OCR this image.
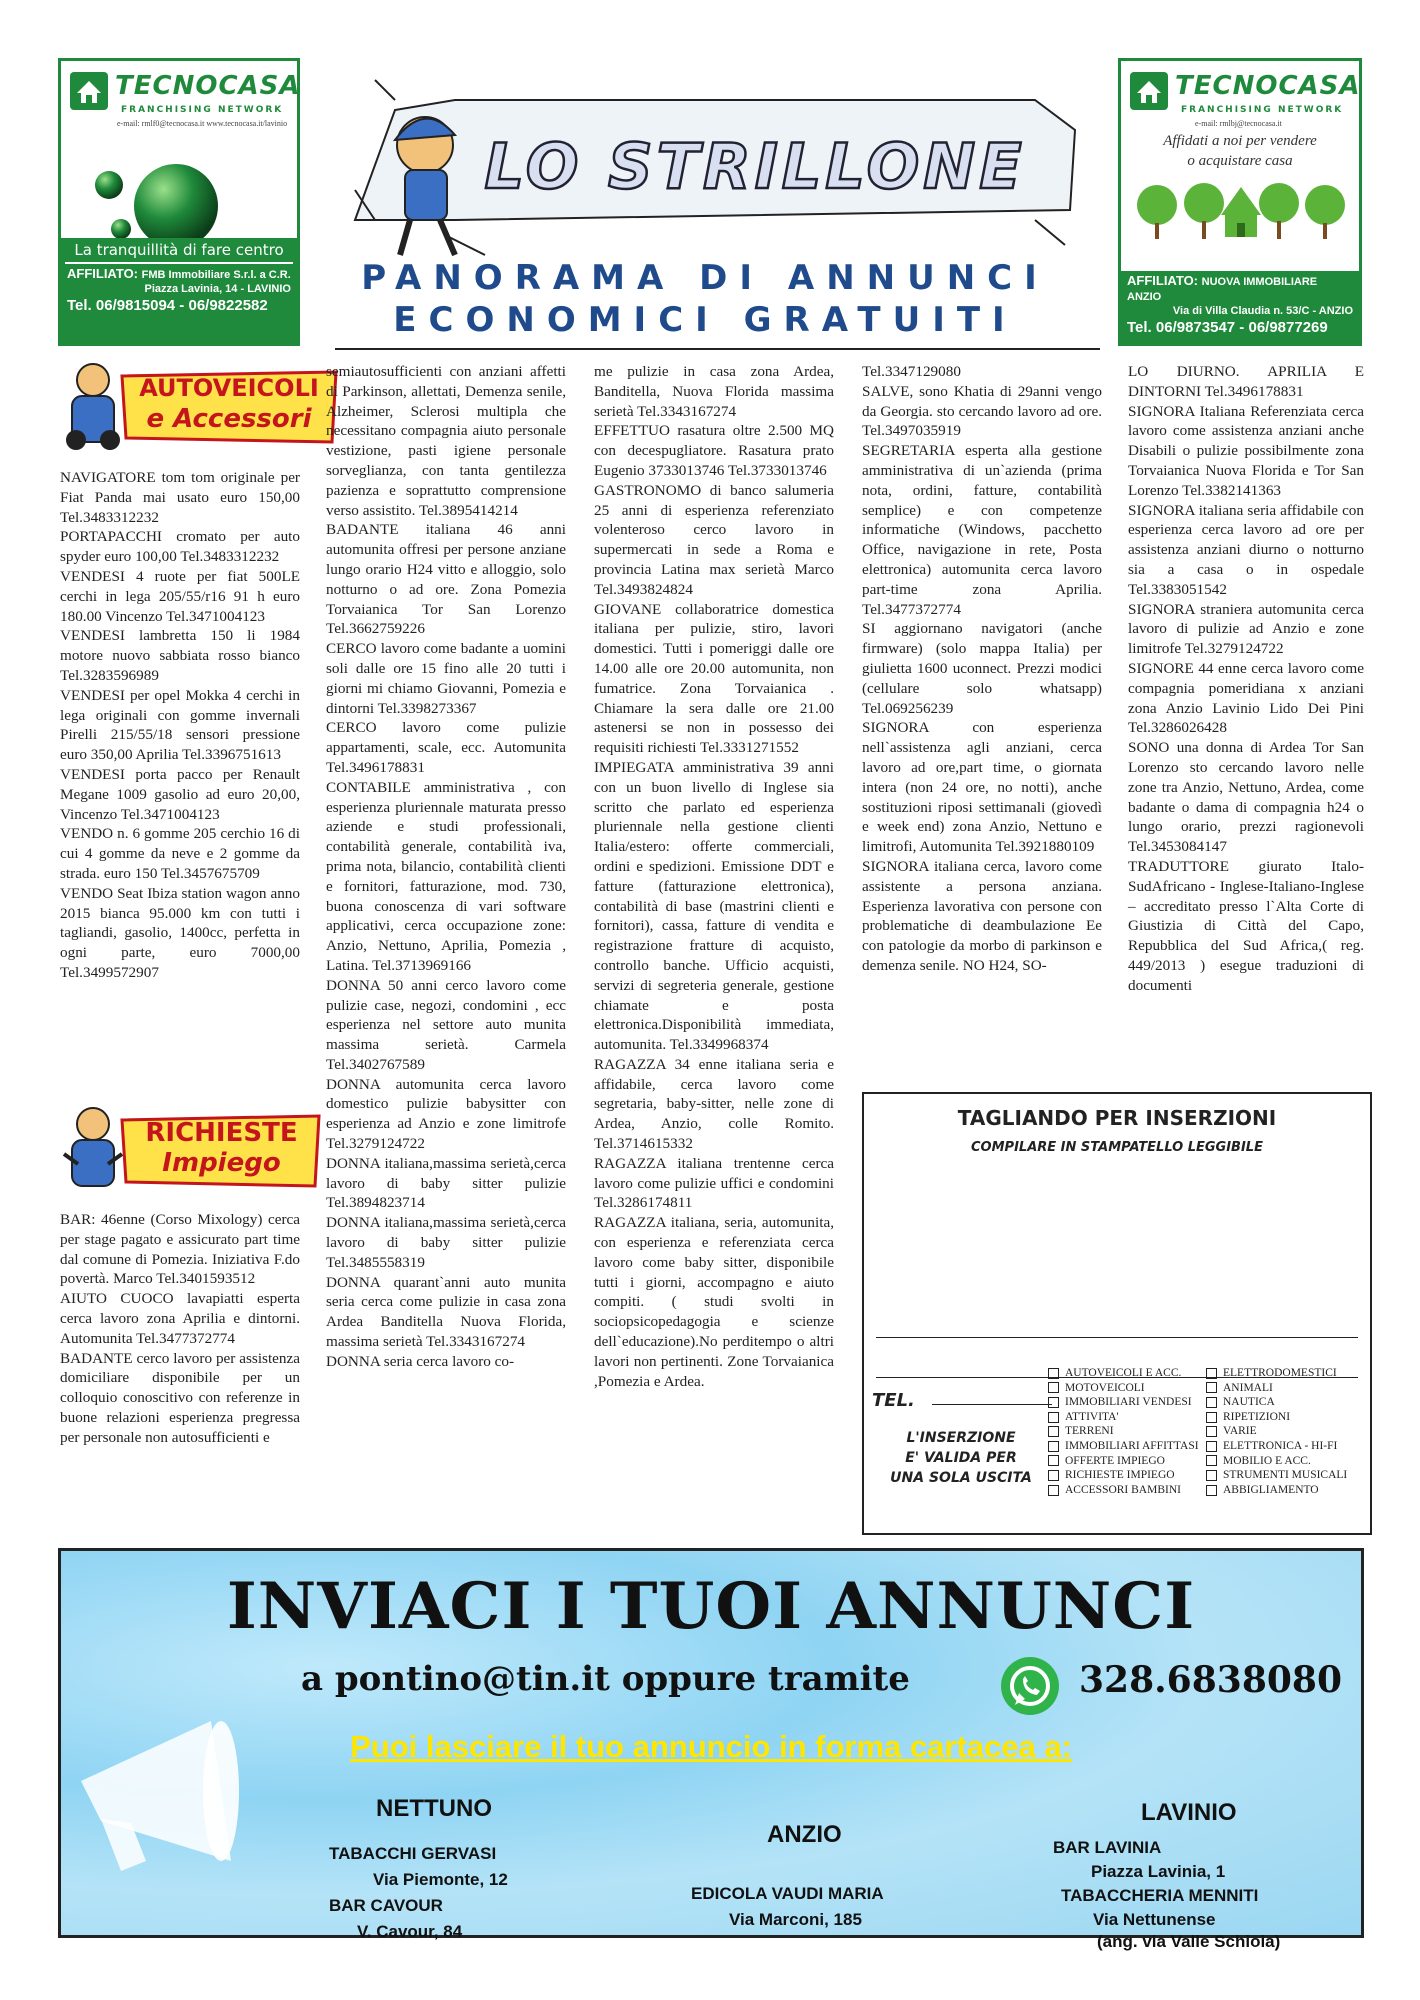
TECNOCASA
FRANCHISING NETWORK
e-mail: rmlf0@tecnocasa.it www.tecnocasa.it/lavinio
La tranquillità di fare centro
AFFILIATO: FMB Immobiliare S.r.l. a C.R.
Piazza Lavinia, 14 - LAVINIO
Tel. 06/9815094 - 06/9822582
TECNOCASA
FRANCHISING NETWORK
e-mail: rmlbj@tecnocasa.it
Affidati a noi per vendere
o acquistare casa
AFFILIATO: NUOVA IMMOBILIARE ANZIO
Via di Villa Claudia n. 53/C - ANZIO
Tel. 06/9873547 - 06/9877269
LO STRILLONE
PANORAMA DI ANNUNCI
ECONOMICI GRATUITI
AUTOVEICOLI
e Accessori
RICHIESTE
Impiego

NAVIGATORE tom tom originale per Fiat Panda mai usato euro 150,00 Tel.3483312232

PORTAPACCHI cromato per auto spyder euro 100,00 Tel.3483312232

VENDESI 4 ruote per fiat 500LE cerchi in lega 205/55/r16 91 h euro 180.00 Vincenzo Tel.3471004123

VENDESI lambretta 150 li 1984 motore nuovo sabbiata rosso bianco Tel.3283596989

VENDESI per opel Mokka 4 cerchi in lega originali con gomme invernali Pirelli 215/55/18 sensori pressione euro 350,00 Aprilia Tel.3396751613

VENDESI porta pacco per Renault Megane 1009 gasolio ad euro 20,00, Vincenzo Tel.3471004123

VENDO n. 6 gomme 205 cerchio 16 di cui 4 gomme da neve e 2 gomme da strada. euro 150 Tel.3457675709

VENDO Seat Ibiza station wagon anno 2015 bianca 95.000 km con tutti i tagliandi, gasolio, 1400cc, perfetta in ogni parte, euro 7000,00 Tel.3499572907

BAR: 46enne (Corso Mixology) cerca per stage pagato e assicurato part time dal comune di Pomezia. Iniziativa F.do povertà. Marco Tel.3401593512

AIUTO CUOCO lavapiatti esperta cerca lavoro zona Aprilia e dintorni. Automunita Tel.3477372774

BADANTE cerco lavoro per assistenza domiciliare disponibile per un colloquio conoscitivo con referenze in buone relazioni esperienza pregressa per personale non autosufficienti e

semiautosufficienti con anziani affetti di Parkinson, allettati, Demenza senile, Alzheimer, Sclerosi multipla che necessitano compagnia aiuto personale vestizione, pasti igiene personale sorveglianza, con tanta gentilezza pazienza e soprattutto comprensione verso assistito. Tel.3895414214

BADANTE italiana 46 anni automunita offresi per persone anziane lungo orario H24 vitto e alloggio, solo notturno o ad ore. Zona Pomezia Torvaianica Tor San Lorenzo Tel.3662759226

CERCO lavoro come badante a uomini soli dalle ore 15 fino alle 20 tutti i giorni mi chiamo Giovanni, Pomezia e dintorni Tel.3398273367

CERCO lavoro come pulizie appartamenti, scale, ecc. Automunita Tel.3496178831

CONTABILE amministrativa , con esperienza pluriennale maturata presso aziende e studi professionali, contabilità generale, contabilità iva, prima nota, bilancio, contabilità clienti e fornitori, fatturazione, mod. 730, buona conoscenza di vari software applicativi, cerca occupazione zone: Anzio, Nettuno, Aprilia, Pomezia , Latina. Tel.3713969166

DONNA 50 anni cerco lavoro come pulizie case, negozi, condomini , ecc esperienza nel settore auto munita massima serietà. Carmela Tel.3402767589

DONNA automunita cerca lavoro domestico pulizie babysitter con esperienza ad Anzio e zone limitrofe Tel.3279124722

DONNA italiana,massima serietà,cerca lavoro di baby sitter pulizie Tel.3894823714

DONNA italiana,massima serietà,cerca lavoro di baby sitter pulizie Tel.3485558319

DONNA quarant`anni auto munita seria cerca come pulizie in casa zona Ardea Banditella Nuova Florida, massima serietà Tel.3343167274

DONNA seria cerca lavoro co-

me pulizie in casa zona Ardea, Banditella, Nuova Florida massima serietà Tel.3343167274

EFFETTUO rasatura oltre 2.500 MQ con decespugliatore. Rasatura prato Eugenio 3733013746 Tel.3733013746

GASTRONOMO di banco salumeria 25 anni di esperienza referenziato volenteroso cerco lavoro in supermercati in sede a Roma e provincia Latina max serietà Marco Tel.3493824824

GIOVANE collaboratrice domestica italiana per pulizie, stiro, lavori domestici. Tutti i pomeriggi dalle ore 14.00 alle ore 20.00 automunita, non fumatrice. Zona Torvaianica . Chiamare la sera dalle ore 21.00 astenersi se non in possesso dei requisiti richiesti Tel.3331271552

IMPIEGATA amministrativa 39 anni con un buon livello di Inglese sia scritto che parlato ed esperienza pluriennale nella gestione clienti Italia/estero: offerte commerciali, ordini e spedizioni. Emissione DDT e fatture (fatturazione elettronica), contabilità di base (mastrini clienti e fornitori), cassa, fatture di vendita e registrazione fratture di acquisto, controllo banche. Ufficio acquisti, servizi di segreteria generale, gestione chiamate e posta elettronica.Disponibilità immediata, automunita. Tel.3349968374

RAGAZZA 34 enne italiana seria e affidabile, cerca lavoro come segretaria, baby-sitter, nelle zone di Ardea, Anzio, colle Romito. Tel.3714615332

RAGAZZA italiana trentenne cerca lavoro come pulizie uffici e condomini Tel.3286174811

RAGAZZA italiana, seria, automunita, con esperienza e referenziata cerca lavoro come baby sitter, disponibile tutti i giorni, accompagno e aiuto compiti. ( studi svolti in sociopsicopedagogia e scienze dell`educazione).No perditempo o altri lavori non pertinenti. Zone Torvaianica ,Pomezia e Ardea.

Tel.3347129080

SALVE, sono Khatia di 29anni vengo da Georgia. sto cercando lavoro ad ore. Tel.3497035919

SEGRETARIA esperta alla gestione amministrativa di un`azienda (prima nota, ordini, fatture, contabilità semplice) e con competenze informatiche (Windows, pacchetto Office, navigazione in rete, Posta elettronica) automunita cerca lavoro part-time zona Aprilia. Tel.3477372774

SI aggiornano navigatori (anche firmware) (solo mappa Italia) per giulietta 1600 uconnect. Prezzi modici (cellulare solo whatsapp) Tel.069256239

SIGNORA con esperienza nell`assistenza agli anziani, cerca lavoro ad ore,part time, o giornata intera (non 24 ore, no notti), anche sostituzioni riposi settimanali (giovedì e week end) zona Anzio, Nettuno e limitrofi, Automunita Tel.3921880109

SIGNORA italiana cerca, lavoro come assistente a persona anziana. Esperienza lavorativa con persone con problematiche di deambulazione Ee con patologie da morbo di parkinson e demenza senile. NO H24, SO-

LO DIURNO. APRILIA E DINTORNI Tel.3496178831

SIGNORA Italiana Referenziata cerca lavoro come assistenza anziani anche Disabili o pulizie possibilmente zona Torvaianica Nuova Florida e Tor San Lorenzo Tel.3382141363

SIGNORA italiana seria affidabile con esperienza cerca lavoro ad ore per assistenza anziani diurno o notturno sia a casa o in ospedale Tel.3383051542

SIGNORA straniera automunita cerca lavoro di pulizie ad Anzio e zone limitrofe Tel.3279124722

SIGNORE 44 enne cerca lavoro come compagnia pomeridiana x anziani zona Anzio Lavinio Lido Dei Pini Tel.3286026428

SONO una donna di Ardea Tor San Lorenzo sto cercando lavoro nelle zone tra Anzio, Nettuno, Ardea, come badante o dama di compagnia h24 o lungo orario, prezzi ragionevoli Tel.3453084147

TRADUTTORE giurato Italo-SudAfricano - Inglese-Italiano-Inglese – accreditato presso l`Alta Corte di Giustizia di Città del Capo, Repubblica del Sud Africa,( reg. 449/2013 ) esegue traduzioni di documenti

TAGLIANDO PER INSERZIONI
COMPILARE IN STAMPATELLO LEGGIBILE
TEL.
L'INSERZIONE
E' VALIDA PER
UNA SOLA USCITA
AUTOVEICOLI E ACC.
MOTOVEICOLI
IMMOBILIARI VENDESI
ATTIVITA'
TERRENI
IMMOBILIARI AFFITTASI
OFFERTE IMPIEGO
RICHIESTE IMPIEGO
ACCESSORI BAMBINI
ELETTRODOMESTICI
ANIMALI
NAUTICA
RIPETIZIONI
VARIE
ELETTRONICA - HI-FI
MOBILIO E ACC.
STRUMENTI MUSICALI
ABBIGLIAMENTO
INVIACI I TUOI ANNUNCI
a pontino@tin.it oppure tramite	328.6838080
Puoi lasciare il tuo annuncio in forma cartacea a:
NETTUNO
TABACCHI GERVASI
Via Piemonte, 12
BAR CAVOUR
V. Cavour, 84
ANZIO
EDICOLA VAUDI MARIA
Via Marconi, 185
LAVINIO
BAR LAVINIA
Piazza Lavinia, 1
TABACCHERIA MENNITI
Via Nettunense
(ang. via Valle Schioia)
